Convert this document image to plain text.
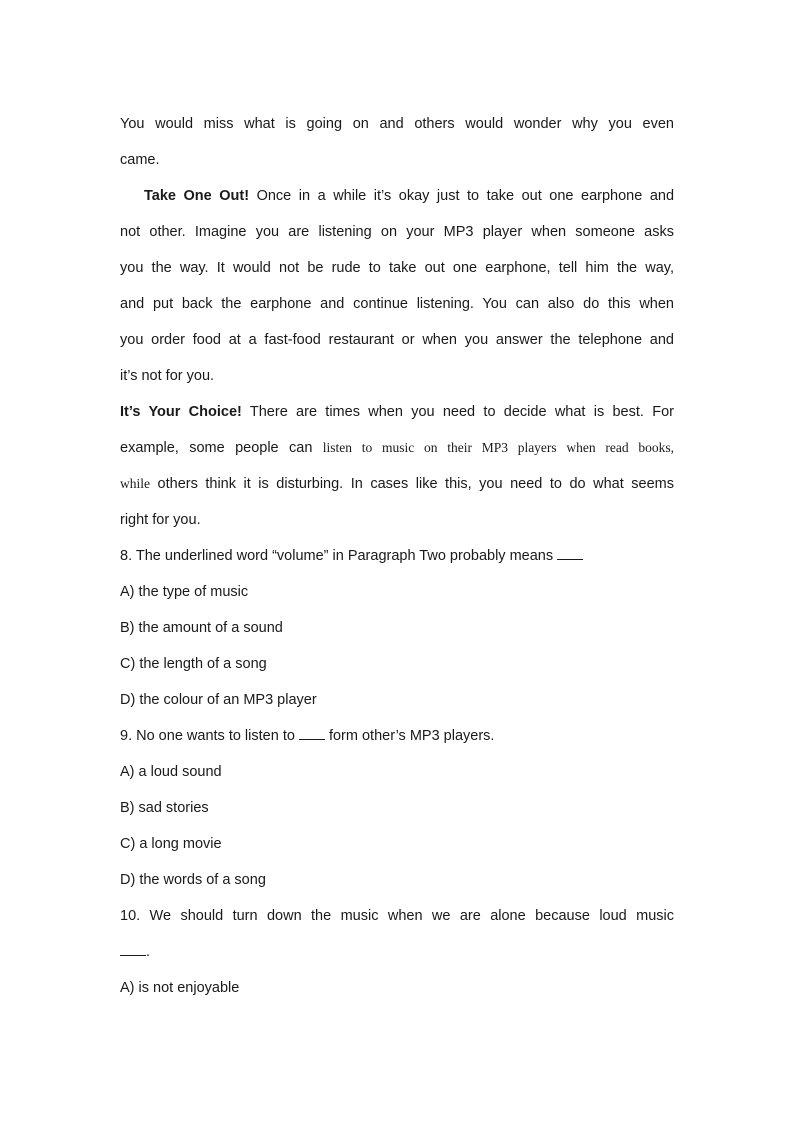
You would miss what is going on and others would wonder why you even
came.
Take One Out! Once in a while it’s okay just to take out one earphone and
not other. Imagine you are listening on your MP3 player when someone asks
you the way. It would not be rude to take out one earphone, tell him the way,
and put back the earphone and continue listening. You can also do this when
you order food at a fast-food restaurant or when you answer the telephone and
it’s not for you.
It’s Your Choice! There are times when you need to decide what is best. For
example, some people can listen to music on their MP3 players when read books,
while others think it is disturbing. In cases like this, you need to do what seems
right for you.
8. The underlined word “volume” in Paragraph Two probably means
A) the type of music
B) the amount of a sound
C) the length of a song
D) the colour of an MP3 player
9. No one wants to listen to form other’s MP3 players.
A) a loud sound
B) sad stories
C) a long movie
D) the words of a song
10. We should turn down the music when we are alone because loud music
.
A) is not enjoyable
